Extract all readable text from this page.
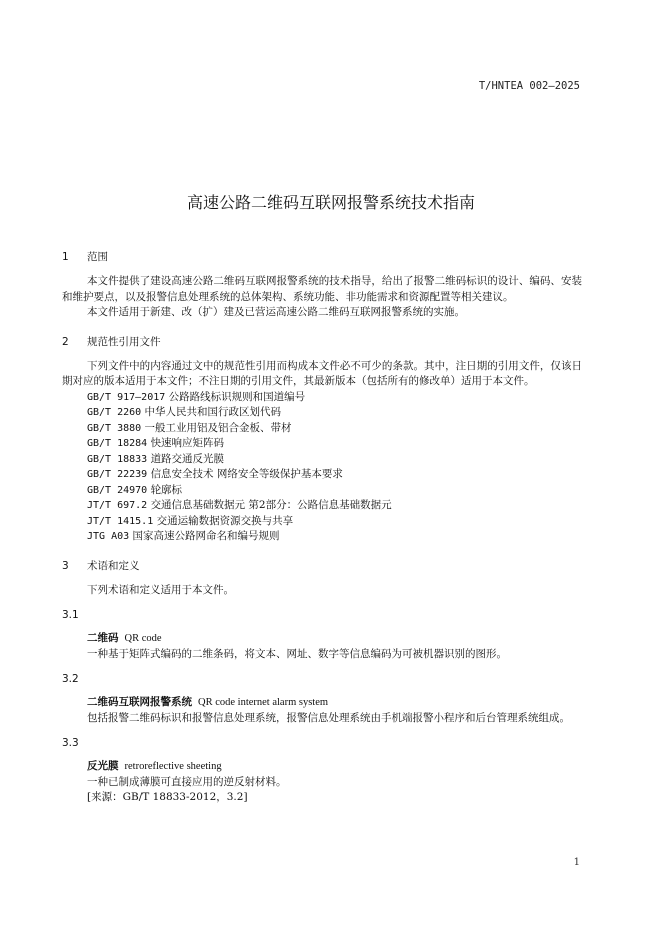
T/HNTEA 002—2025
高速公路二维码互联网报警系统技术指南
1 范围

本文件提供了建设高速公路二维码互联网报警系统的技术指导，给出了报警二维码标识的设计、编码、安装和维护要点，以及报警信息处理系统的总体架构、系统功能、非功能需求和资源配置等相关建议。

本文件适用于新建、改（扩）建及已营运高速公路二维码互联网报警系统的实施。

2 规范性引用文件

下列文件中的内容通过文中的规范性引用而构成本文件必不可少的条款。其中，注日期的引用文件，仅该日期对应的版本适用于本文件；不注日期的引用文件，其最新版本（包括所有的修改单）适用于本文件。

GB/T 917—2017 公路路线标识规则和国道编号
GB/T 2260 中华人民共和国行政区划代码
GB/T 3880 一般工业用铝及铝合金板、带材
GB/T 18284 快速响应矩阵码
GB/T 18833 道路交通反光膜
GB/T 22239 信息安全技术 网络安全等级保护基本要求
GB/T 24970 轮廓标
JT/T 697.2 交通信息基础数据元 第2部分：公路信息基础数据元
JT/T 1415.1 交通运输数据资源交换与共享
JTG A03 国家高速公路网命名和编号规则
3 术语和定义

下列术语和定义适用于本文件。

3.1
二维码 QR code

一种基于矩阵式编码的二维条码，将文本、网址、数字等信息编码为可被机器识别的图形。

3.2
二维码互联网报警系统 QR code internet alarm system

包括报警二维码标识和报警信息处理系统，报警信息处理系统由手机端报警小程序和后台管理系统组成。

3.3
反光膜 retroreflective sheeting

一种已制成薄膜可直接应用的逆反射材料。

[来源：GB/T 18833-2012，3.2]
1
